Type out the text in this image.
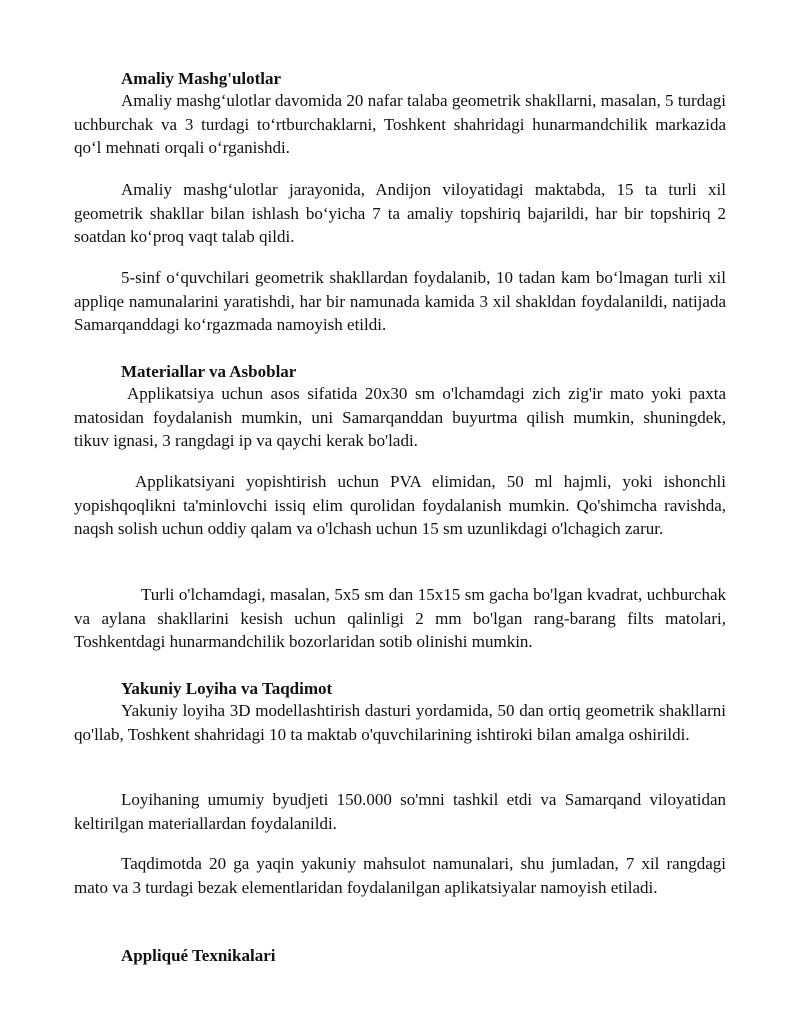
Amaliy Mashg'ulotlar

Amaliy mashg‘ulotlar davomida 20 nafar talaba geometrik shakllarni, masalan, 5 turdagi uchburchak va 3 turdagi to‘rtburchaklarni, Toshkent shahridagi hunarmandchilik markazida qo‘l mehnati orqali o‘rganishdi.

Amaliy mashg‘ulotlar jarayonida, Andijon viloyatidagi maktabda, 15 ta turli xil geometrik shakllar bilan ishlash bo‘yicha 7 ta amaliy topshiriq bajarildi, har bir topshiriq 2 soatdan ko‘proq vaqt talab qildi.

5-sinf o‘quvchilari geometrik shakllardan foydalanib, 10 tadan kam bo‘lmagan turli xil appliqe namunalarini yaratishdi, har bir namunada kamida 3 xil shakldan foydalanildi, natijada Samarqanddagi ko‘rgazmada namoyish etildi.

Materiallar va Asboblar

Applikatsiya uchun asos sifatida 20x30 sm o'lchamdagi zich zig'ir mato yoki paxta matosidan foydalanish mumkin, uni Samarqanddan buyurtma qilish mumkin, shuningdek, tikuv ignasi, 3 rangdagi ip va qaychi kerak bo'ladi.

Applikatsiyani yopishtirish uchun PVA elimidan, 50 ml hajmli, yoki ishonchli yopishqoqlikni ta'minlovchi issiq elim qurolidan foydalanish mumkin. Qo'shimcha ravishda, naqsh solish uchun oddiy qalam va o'lchash uchun 15 sm uzunlikdagi o'lchagich zarur.

Turli o'lchamdagi, masalan, 5x5 sm dan 15x15 sm gacha bo'lgan kvadrat, uchburchak va aylana shakllarini kesish uchun qalinligi 2 mm bo'lgan rang-barang filts matolari, Toshkentdagi hunarmandchilik bozorlaridan sotib olinishi mumkin.

Yakuniy Loyiha va Taqdimot

Yakuniy loyiha 3D modellashtirish dasturi yordamida, 50 dan ortiq geometrik shakllarni qo'llab, Toshkent shahridagi 10 ta maktab o'quvchilarining ishtiroki bilan amalga oshirildi.

Loyihaning umumiy byudjeti 150.000 so'mni tashkil etdi va Samarqand viloyatidan keltirilgan materiallardan foydalanildi.

Taqdimotda 20 ga yaqin yakuniy mahsulot namunalari, shu jumladan, 7 xil rangdagi mato va 3 turdagi bezak elementlaridan foydalanilgan aplikatsiyalar namoyish etiladi.

Appliqué Texnikalari
